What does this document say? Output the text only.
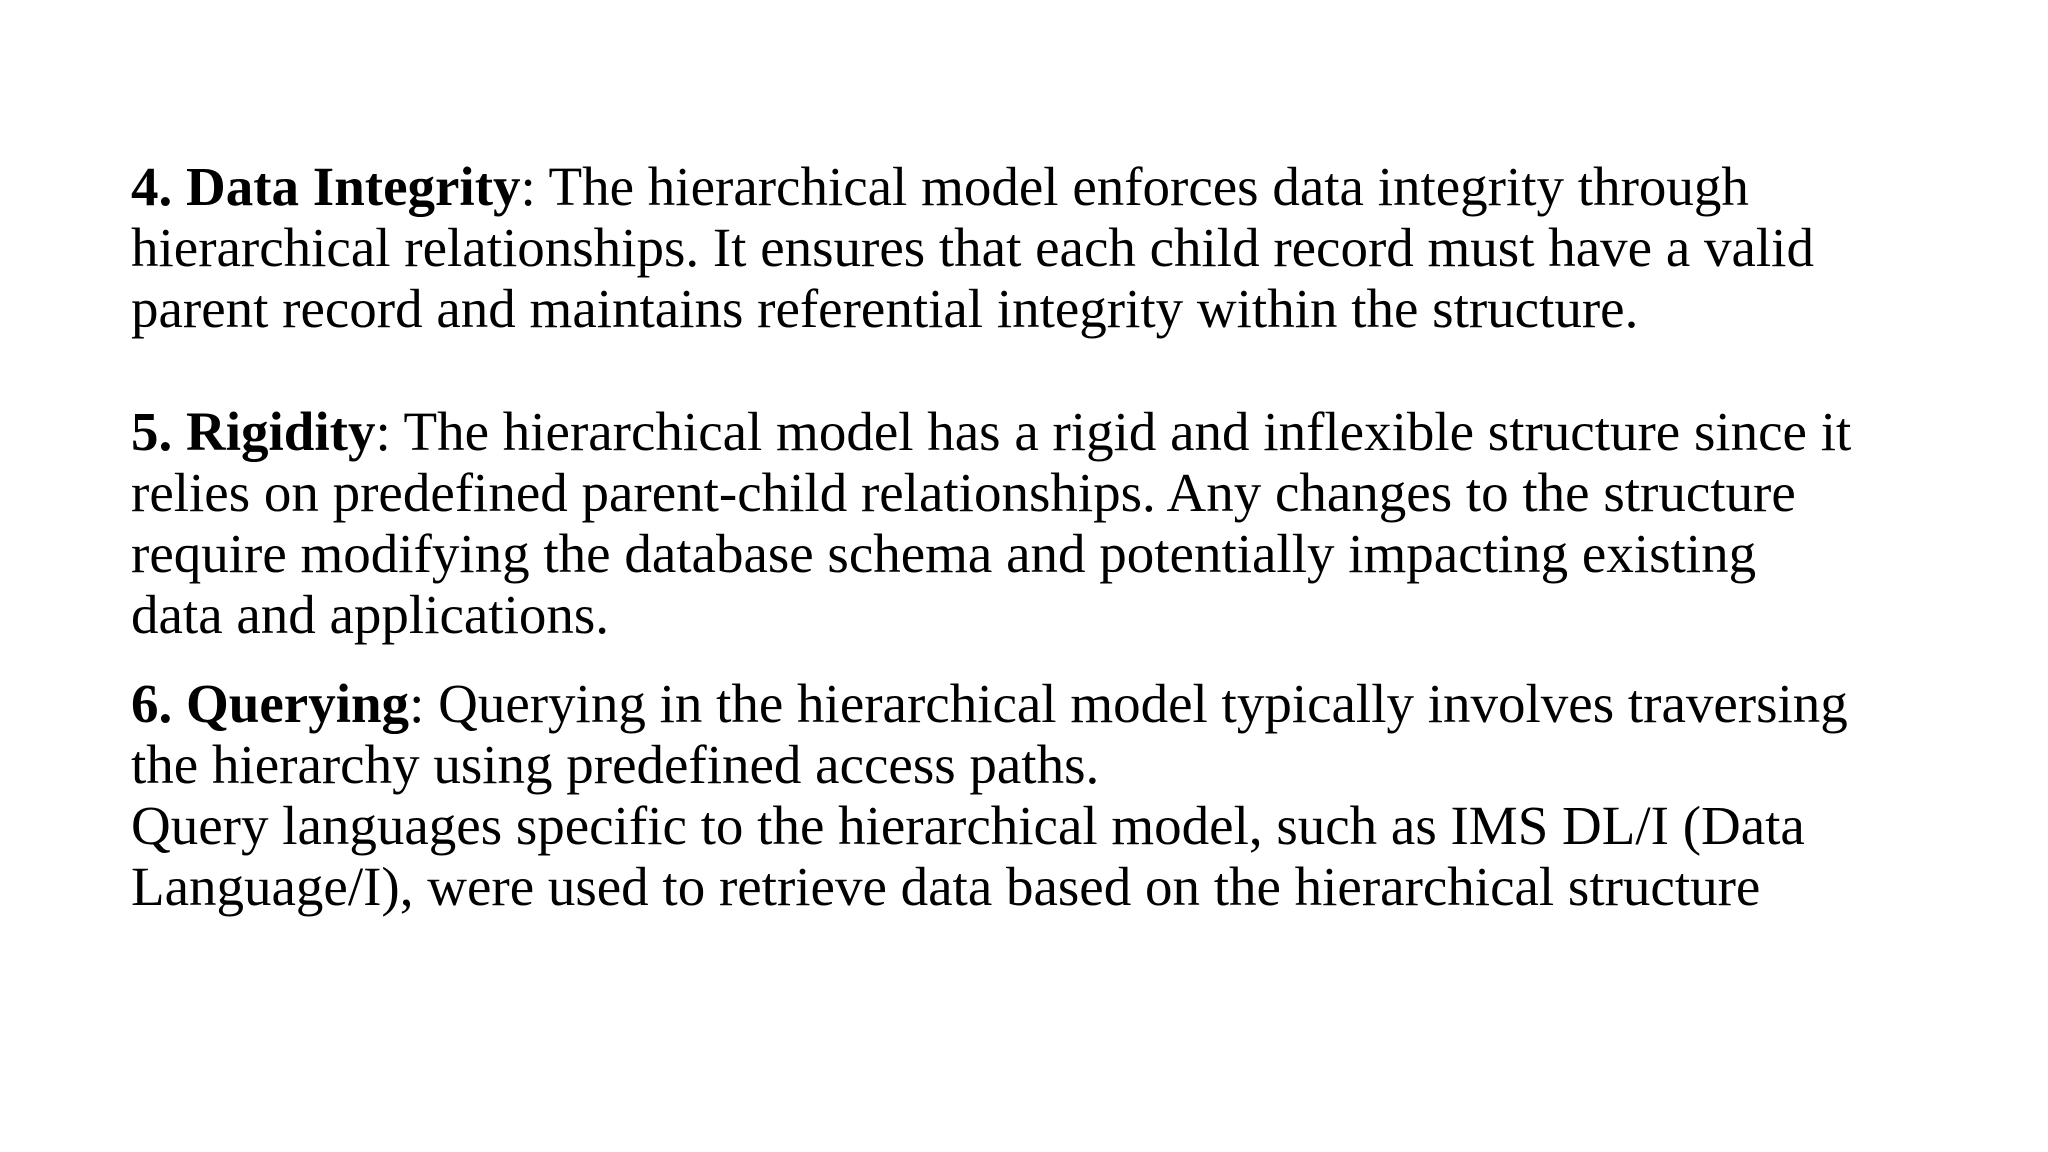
4. Data Integrity: The hierarchical model enforces data integrity through
hierarchical relationships. It ensures that each child record must have a valid
parent record and maintains referential integrity within the structure.

5. Rigidity: The hierarchical model has a rigid and inflexible structure since it
relies on predefined parent-child relationships. Any changes to the structure
require modifying the database schema and potentially impacting existing
data and applications.

6. Querying: Querying in the hierarchical model typically involves traversing
the hierarchy using predefined access paths.
Query languages specific to the hierarchical model, such as IMS DL/I (Data
Language/I), were used to retrieve data based on the hierarchical structure
